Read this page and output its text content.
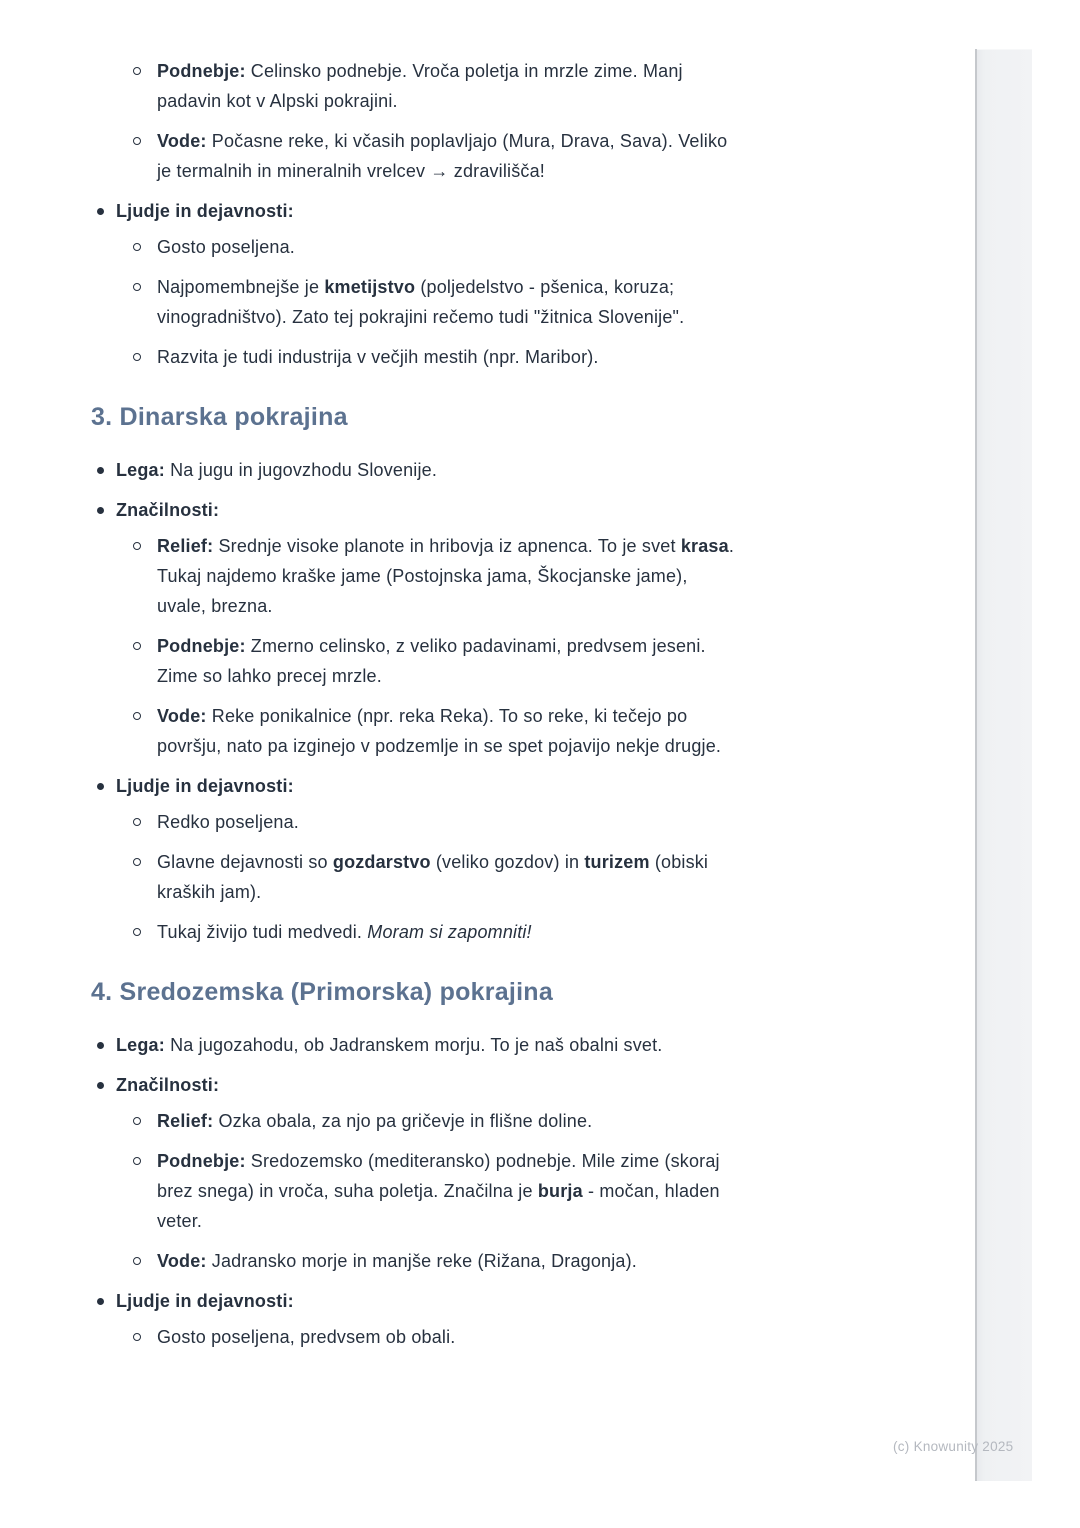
Podnebje: Celinsko podnebje. Vroča poletja in mrzle zime. Manj padavin kot v Alpski pokrajini.
Vode: Počasne reke, ki včasih poplavljajo (Mura, Drava, Sava). Veliko je termalnih in mineralnih vrelcev → zdravilišča!
Ljudje in dejavnosti:
Gosto poseljena.
Najpomembnejše je kmetijstvo (poljedelstvo - pšenica, koruza; vinogradništvo). Zato tej pokrajini rečemo tudi "žitnica Slovenije".
Razvita je tudi industrija v večjih mestih (npr. Maribor).
3. Dinarska pokrajina
Lega: Na jugu in jugovzhodu Slovenije.
Značilnosti:
Relief: Srednje visoke planote in hribovja iz apnenca. To je svet krasa. Tukaj najdemo kraške jame (Postojnska jama, Škocjanske jame), uvale, brezna.
Podnebje: Zmerno celinsko, z veliko padavinami, predvsem jeseni. Zime so lahko precej mrzle.
Vode: Reke ponikalnice (npr. reka Reka). To so reke, ki tečejo po površju, nato pa izginejo v podzemlje in se spet pojavijo nekje drugje.
Ljudje in dejavnosti:
Redko poseljena.
Glavne dejavnosti so gozdarstvo (veliko gozdov) in turizem (obiski kraških jam).
Tukaj živijo tudi medvedi. Moram si zapomniti!
4. Sredozemska (Primorska) pokrajina
Lega: Na jugozahodu, ob Jadranskem morju. To je naš obalni svet.
Značilnosti:
Relief: Ozka obala, za njo pa gričevje in flišne doline.
Podnebje: Sredozemsko (mediteransko) podnebje. Mile zime (skoraj brez snega) in vroča, suha poletja. Značilna je burja - močan, hladen veter.
Vode: Jadransko morje in manjše reke (Rižana, Dragonja).
Ljudje in dejavnosti:
Gosto poseljena, predvsem ob obali.
(c) Knowunity 2025
